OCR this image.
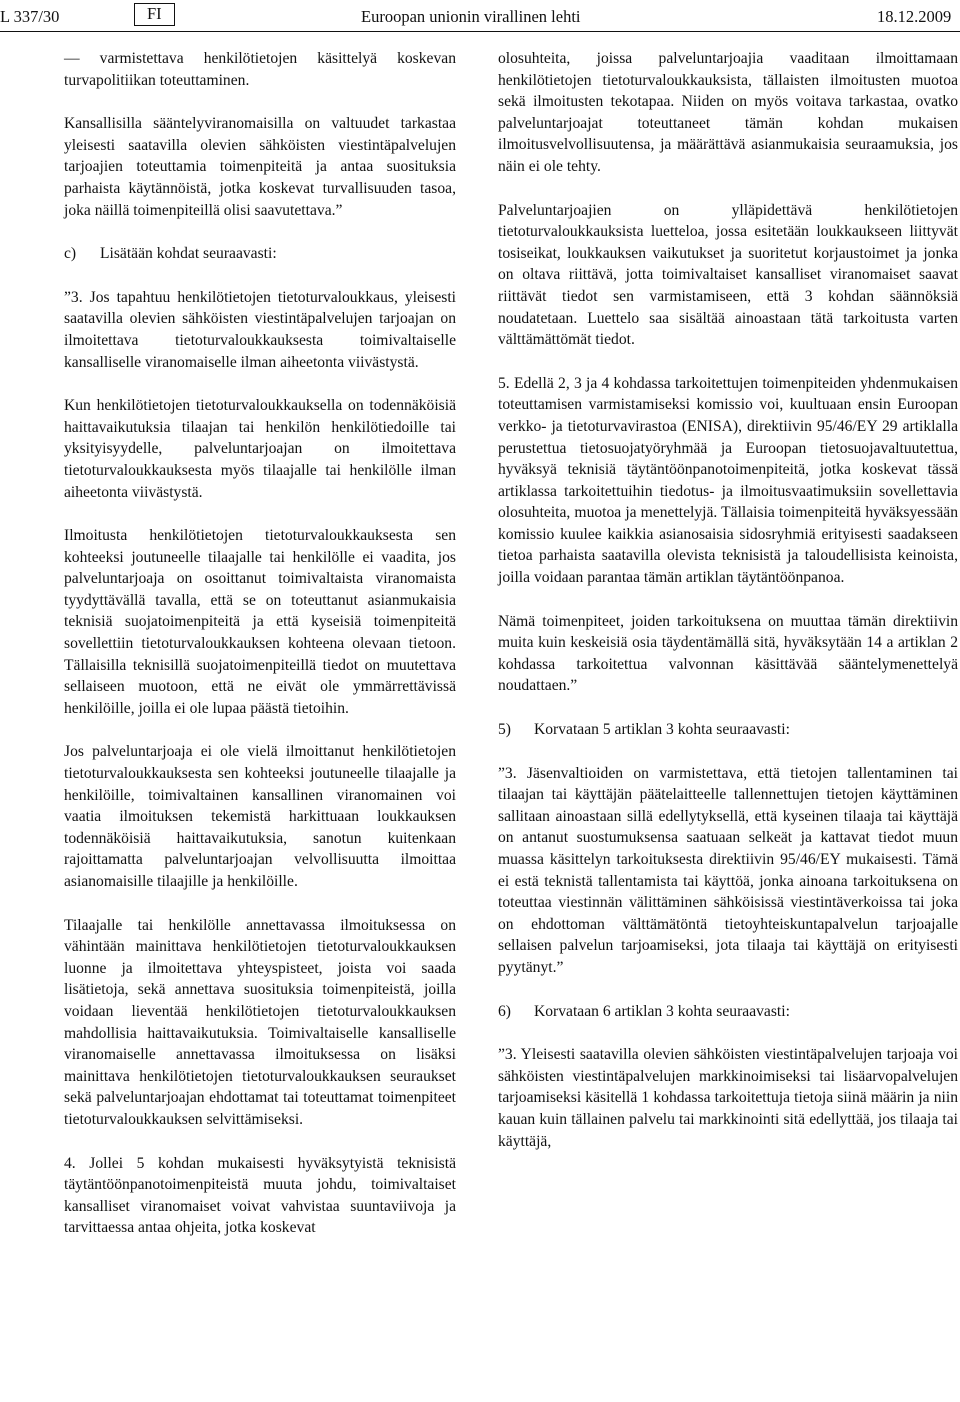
L 337/30	FI	Euroopan unionin virallinen lehti	18.12.2009

— varmistettava henkilötietojen käsittelyä koskevan turvapolitiikan toteuttaminen.

Kansallisilla sääntelyviranomaisilla on valtuudet tarkastaa yleisesti saatavilla olevien sähköisten viestintäpalvelujen tarjoajien toteuttamia toimenpiteitä ja antaa suosituksia parhaista käytännöistä, jotka koskevat turvallisuuden tasoa, joka näillä toimenpiteillä olisi saavutettava.”

c) Lisätään kohdat seuraavasti:

”3. Jos tapahtuu henkilötietojen tietoturvaloukkaus, yleisesti saatavilla olevien sähköisten viestintäpalvelujen tarjoajan on ilmoitettava tietoturvaloukkauksesta toimivaltaiselle kansalliselle viranomaiselle ilman aiheetonta viivästystä.

Kun henkilötietojen tietoturvaloukkauksella on todennäköisiä haittavaikutuksia tilaajan tai henkilön henkilötiedoille tai yksityisyydelle, palveluntarjoajan on ilmoitettava tietoturvaloukkauksesta myös tilaajalle tai henkilölle ilman aiheetonta viivästystä.

Ilmoitusta henkilötietojen tietoturvaloukkauksesta sen kohteeksi joutuneelle tilaajalle tai henkilölle ei vaadita, jos palveluntarjoaja on osoittanut toimivaltaista viranomaista tyydyttävällä tavalla, että se on toteuttanut asianmukaisia teknisiä suojatoimenpiteitä ja että kyseisiä toimenpiteitä sovellettiin tietoturvaloukkauksen kohteena olevaan tietoon. Tällaisilla teknisillä suojatoimenpiteillä tiedot on muutettava sellaiseen muotoon, että ne eivät ole ymmärrettävissä henkilöille, joilla ei ole lupaa päästä tietoihin.

Jos palveluntarjoaja ei ole vielä ilmoittanut henkilötietojen tietoturvaloukkauksesta sen kohteeksi joutuneelle tilaajalle ja henkilöille, toimivaltainen kansallinen viranomainen voi vaatia ilmoituksen tekemistä harkittuaan loukkauksen todennäköisiä haittavaikutuksia, sanotun kuitenkaan rajoittamatta palveluntarjoajan velvollisuutta ilmoittaa asianomaisille tilaajille ja henkilöille.

Tilaajalle tai henkilölle annettavassa ilmoituksessa on vähintään mainittava henkilötietojen tietoturvaloukkauksen luonne ja ilmoitettava yhteyspisteet, joista voi saada lisätietoja, sekä annettava suosituksia toimenpiteistä, joilla voidaan lieventää henkilötietojen tietoturvaloukkauksen mahdollisia haittavaikutuksia. Toimivaltaiselle kansalliselle viranomaiselle annettavassa ilmoituksessa on lisäksi mainittava henkilötietojen tietoturvaloukkauksen seuraukset sekä palveluntarjoajan ehdottamat tai toteuttamat toimenpiteet tietoturvaloukkauksen selvittämiseksi.

4. Jollei 5 kohdan mukaisesti hyväksytyistä teknisistä täytäntöönpanotoimenpiteistä muuta johdu, toimivaltaiset kansalliset viranomaiset voivat vahvistaa suuntaviivoja ja tarvittaessa antaa ohjeita, jotka koskevat

olosuhteita, joissa palveluntarjoajia vaaditaan ilmoittamaan henkilötietojen tietoturvaloukkauksista, tällaisten ilmoitusten muotoa sekä ilmoitusten tekotapaa. Niiden on myös voitava tarkastaa, ovatko palveluntarjoajat toteuttaneet tämän kohdan mukaisen ilmoitusvelvollisuutensa, ja määrättävä asianmukaisia seuraamuksia, jos näin ei ole tehty.

Palveluntarjoajien on ylläpidettävä henkilötietojen tietoturvaloukkauksista luetteloa, jossa esitetään loukkaukseen liittyvät tosiseikat, loukkauksen vaikutukset ja suoritetut korjaustoimet ja jonka on oltava riittävä, jotta toimivaltaiset kansalliset viranomaiset saavat riittävät tiedot sen varmistamiseen, että 3 kohdan säännöksiä noudatetaan. Luettelo saa sisältää ainoastaan tätä tarkoitusta varten välttämättömät tiedot.

5. Edellä 2, 3 ja 4 kohdassa tarkoitettujen toimenpiteiden yhdenmukaisen toteuttamisen varmistamiseksi komissio voi, kuultuaan ensin Euroopan verkko- ja tietoturvavirastoa (ENISA), direktiivin 95/46/EY 29 artiklalla perustettua tietosuojatyöryhmää ja Euroopan tietosuojavaltuutettua, hyväksyä teknisiä täytäntöönpanotoimenpiteitä, jotka koskevat tässä artiklassa tarkoitettuihin tiedotus- ja ilmoitusvaatimuksiin sovellettavia olosuhteita, muotoa ja menettelyjä. Tällaisia toimenpiteitä hyväksyessään komissio kuulee kaikkia asianosaisia sidosryhmiä erityisesti saadakseen tietoa parhaista saatavilla olevista teknisistä ja taloudellisista keinoista, joilla voidaan parantaa tämän artiklan täytäntöönpanoa.

Nämä toimenpiteet, joiden tarkoituksena on muuttaa tämän direktiivin muita kuin keskeisiä osia täydentämällä sitä, hyväksytään 14 a artiklan 2 kohdassa tarkoitettua valvonnan käsittävää sääntelymenettelyä noudattaen.”

5) Korvataan 5 artiklan 3 kohta seuraavasti:

”3. Jäsenvaltioiden on varmistettava, että tietojen tallentaminen tai tilaajan tai käyttäjän päätelaitteelle tallennettujen tietojen käyttäminen sallitaan ainoastaan sillä edellytyksellä, että kyseinen tilaaja tai käyttäjä on antanut suostumuksensa saatuaan selkeät ja kattavat tiedot muun muassa käsittelyn tarkoituksesta direktiivin 95/46/EY mukaisesti. Tämä ei estä teknistä tallentamista tai käyttöä, jonka ainoana tarkoituksena on toteuttaa viestinnän välittäminen sähköisissä viestintäverkoissa tai joka on ehdottoman välttämätöntä tietoyhteiskuntapalvelun tarjoajalle sellaisen palvelun tarjoamiseksi, jota tilaaja tai käyttäjä on erityisesti pyytänyt.”

6) Korvataan 6 artiklan 3 kohta seuraavasti:

”3. Yleisesti saatavilla olevien sähköisten viestintäpalvelujen tarjoaja voi sähköisten viestintäpalvelujen markkinoimiseksi tai lisäarvopalvelujen tarjoamiseksi käsitellä 1 kohdassa tarkoitettuja tietoja siinä määrin ja niin kauan kuin tällainen palvelu tai markkinointi sitä edellyttää, jos tilaaja tai käyttäjä,
